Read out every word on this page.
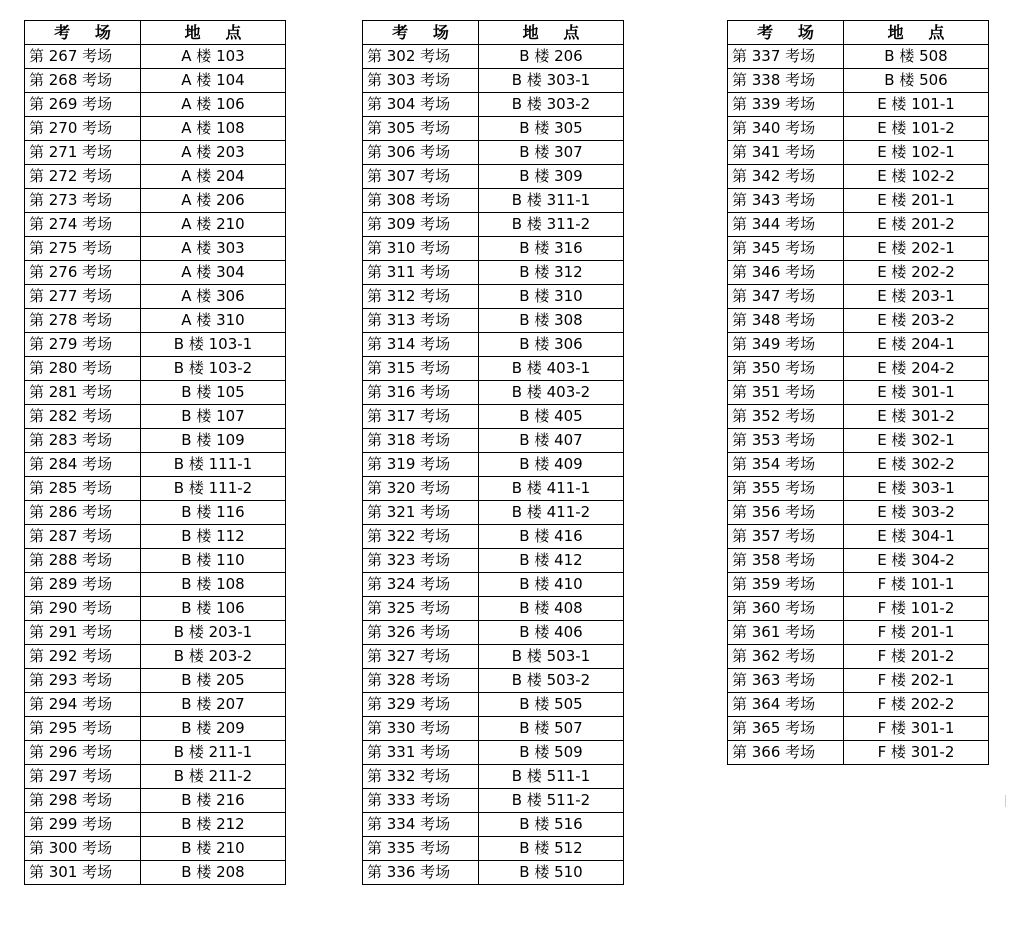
考 场	地 点
第 267 考场	A 楼 103
第 268 考场	A 楼 104
第 269 考场	A 楼 106
第 270 考场	A 楼 108
第 271 考场	A 楼 203
第 272 考场	A 楼 204
第 273 考场	A 楼 206
第 274 考场	A 楼 210
第 275 考场	A 楼 303
第 276 考场	A 楼 304
第 277 考场	A 楼 306
第 278 考场	A 楼 310
第 279 考场	B 楼 103-1
第 280 考场	B 楼 103-2
第 281 考场	B 楼 105
第 282 考场	B 楼 107
第 283 考场	B 楼 109
第 284 考场	B 楼 111-1
第 285 考场	B 楼 111-2
第 286 考场	B 楼 116
第 287 考场	B 楼 112
第 288 考场	B 楼 110
第 289 考场	B 楼 108
第 290 考场	B 楼 106
第 291 考场	B 楼 203-1
第 292 考场	B 楼 203-2
第 293 考场	B 楼 205
第 294 考场	B 楼 207
第 295 考场	B 楼 209
第 296 考场	B 楼 211-1
第 297 考场	B 楼 211-2
第 298 考场	B 楼 216
第 299 考场	B 楼 212
第 300 考场	B 楼 210
第 301 考场	B 楼 208
考 场	地 点
第 302 考场	B 楼 206
第 303 考场	B 楼 303-1
第 304 考场	B 楼 303-2
第 305 考场	B 楼 305
第 306 考场	B 楼 307
第 307 考场	B 楼 309
第 308 考场	B 楼 311-1
第 309 考场	B 楼 311-2
第 310 考场	B 楼 316
第 311 考场	B 楼 312
第 312 考场	B 楼 310
第 313 考场	B 楼 308
第 314 考场	B 楼 306
第 315 考场	B 楼 403-1
第 316 考场	B 楼 403-2
第 317 考场	B 楼 405
第 318 考场	B 楼 407
第 319 考场	B 楼 409
第 320 考场	B 楼 411-1
第 321 考场	B 楼 411-2
第 322 考场	B 楼 416
第 323 考场	B 楼 412
第 324 考场	B 楼 410
第 325 考场	B 楼 408
第 326 考场	B 楼 406
第 327 考场	B 楼 503-1
第 328 考场	B 楼 503-2
第 329 考场	B 楼 505
第 330 考场	B 楼 507
第 331 考场	B 楼 509
第 332 考场	B 楼 511-1
第 333 考场	B 楼 511-2
第 334 考场	B 楼 516
第 335 考场	B 楼 512
第 336 考场	B 楼 510
考 场	地 点
第 337 考场	B 楼 508
第 338 考场	B 楼 506
第 339 考场	E 楼 101-1
第 340 考场	E 楼 101-2
第 341 考场	E 楼 102-1
第 342 考场	E 楼 102-2
第 343 考场	E 楼 201-1
第 344 考场	E 楼 201-2
第 345 考场	E 楼 202-1
第 346 考场	E 楼 202-2
第 347 考场	E 楼 203-1
第 348 考场	E 楼 203-2
第 349 考场	E 楼 204-1
第 350 考场	E 楼 204-2
第 351 考场	E 楼 301-1
第 352 考场	E 楼 301-2
第 353 考场	E 楼 302-1
第 354 考场	E 楼 302-2
第 355 考场	E 楼 303-1
第 356 考场	E 楼 303-2
第 357 考场	E 楼 304-1
第 358 考场	E 楼 304-2
第 359 考场	F 楼 101-1
第 360 考场	F 楼 101-2
第 361 考场	F 楼 201-1
第 362 考场	F 楼 201-2
第 363 考场	F 楼 202-1
第 364 考场	F 楼 202-2
第 365 考场	F 楼 301-1
第 366 考场	F 楼 301-2
